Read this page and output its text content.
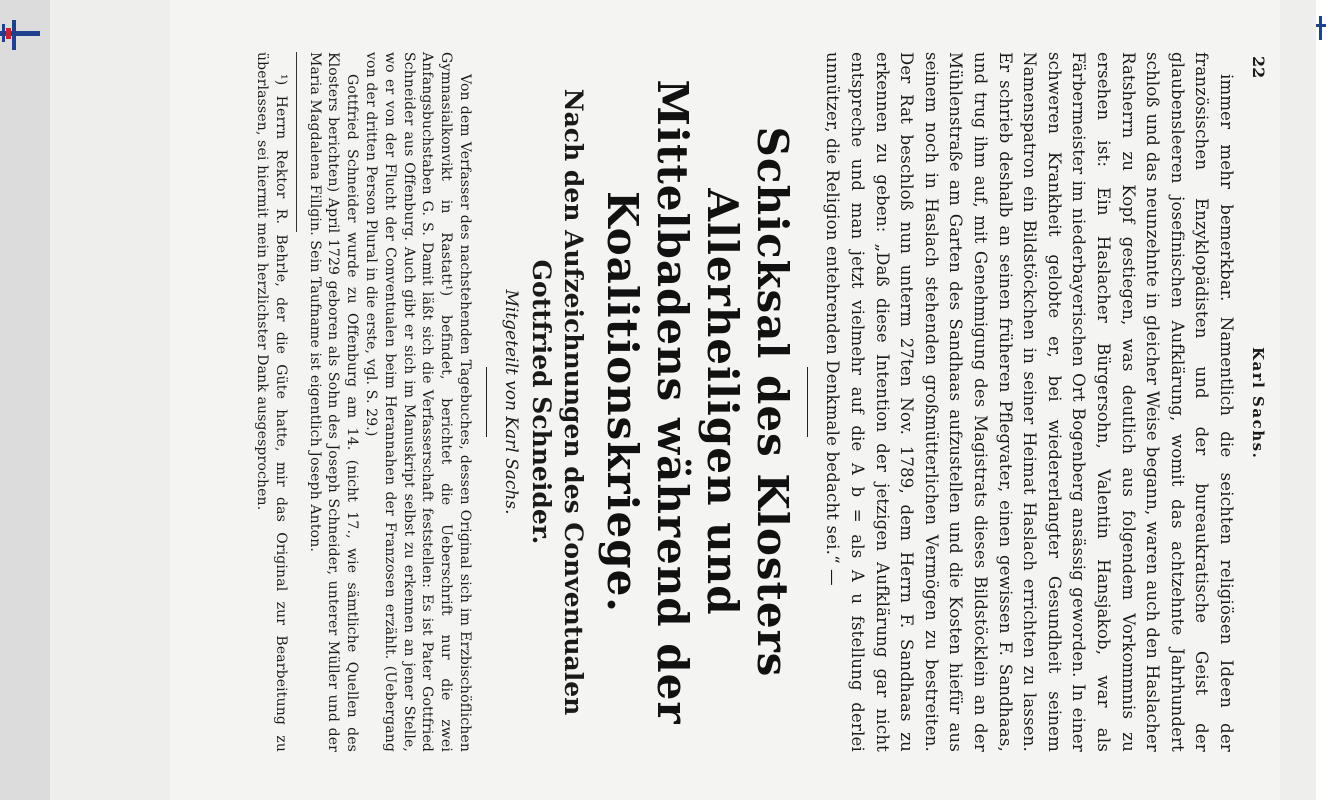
22
Karl Sachs.

immer mehr bemerkbar. Namentlich die seichten religiösen Ideen der französischen Enzyklopädisten und der bureaukratische Geist der glaubensleeren josefinischen Aufklärung, womit das achtzehnte Jahrhundert schloß und das neunzehnte in gleicher Weise begann, waren auch den Haslacher Ratsherrn zu Kopf gestiegen, was deutlich aus folgendem Vorkommnis zu ersehen ist: Ein Haslacher Bürgersohn, Valentin Hansjakob, war als Färbermeister im niederbayerischen Ort Bogenberg ansässig geworden. In einer schweren Krankheit gelobte er, bei wiedererlangter Gesundheit seinem Namenspatron ein Bildstöckchen in seiner Heimat Haslach errichten zu lassen. Er schrieb deshalb an seinen früheren Pflegvater, einen gewissen F. Sandhaas, und trug ihm auf, mit Genehmigung des Magistrats dieses Bildstöcklein an der Mühlenstraße am Garten des Sandhaas aufzustellen und die Kosten hiefür aus seinem noch in Haslach stehenden großmütterlichen Vermögen zu bestreiten. Der Rat beschloß nun unterm 27ten Nov. 1789, dem Herrn F. Sandhaas zu erkennen zu geben: „Daß diese Intention der jetzigen Aufklärung gar nicht entspreche und man jetzt vielmehr auf die A b = als A u fstellung derlei unnützer, die Religion entehrenden Denkmale bedacht sei.“ —

Schicksal des Klosters Allerheiligen und Mittelbadens während der Koalitionskriege.
Nach den Aufzeichnungen des Conventualen Gottfried Schneider.

Mitgeteilt von Karl Sachs.

Von dem Verfasser des nachstehenden Tagebuches, dessen Original sich im Erzbischöflichen Gymnasialkonvikt in Rastatt¹) befindet, berichtet die Ueberschrift nur die zwei Anfangsbuchstaben G. S. Damit läßt sich die Verfasserschaft feststellen: Es ist Pater Gottfried Schneider aus Offenburg. Auch gibt er sich im Manuskript selbst zu erkennen an jener Stelle, wo er von der Flucht der Conventualen beim Herannahen der Franzosen erzählt. (Uebergang von der dritten Person Plural in die erste, vgl. S. 29.)

Gottfried Schneider wurde zu Offenburg am 14. (nicht 17., wie sämtliche Quellen des Klosters berichten) April 1729 geboren als Sohn des Joseph Schneider, unterer Müller und der Maria Magdalena Fillgin. Sein Taufname ist eigentlich Joseph Anton.

¹) Herrn Rektor R. Behrle, der die Güte hatte, mir das Original zur Bearbeitung zu überlassen, sei hiermit mein herzlichster Dank ausgesprochen.
